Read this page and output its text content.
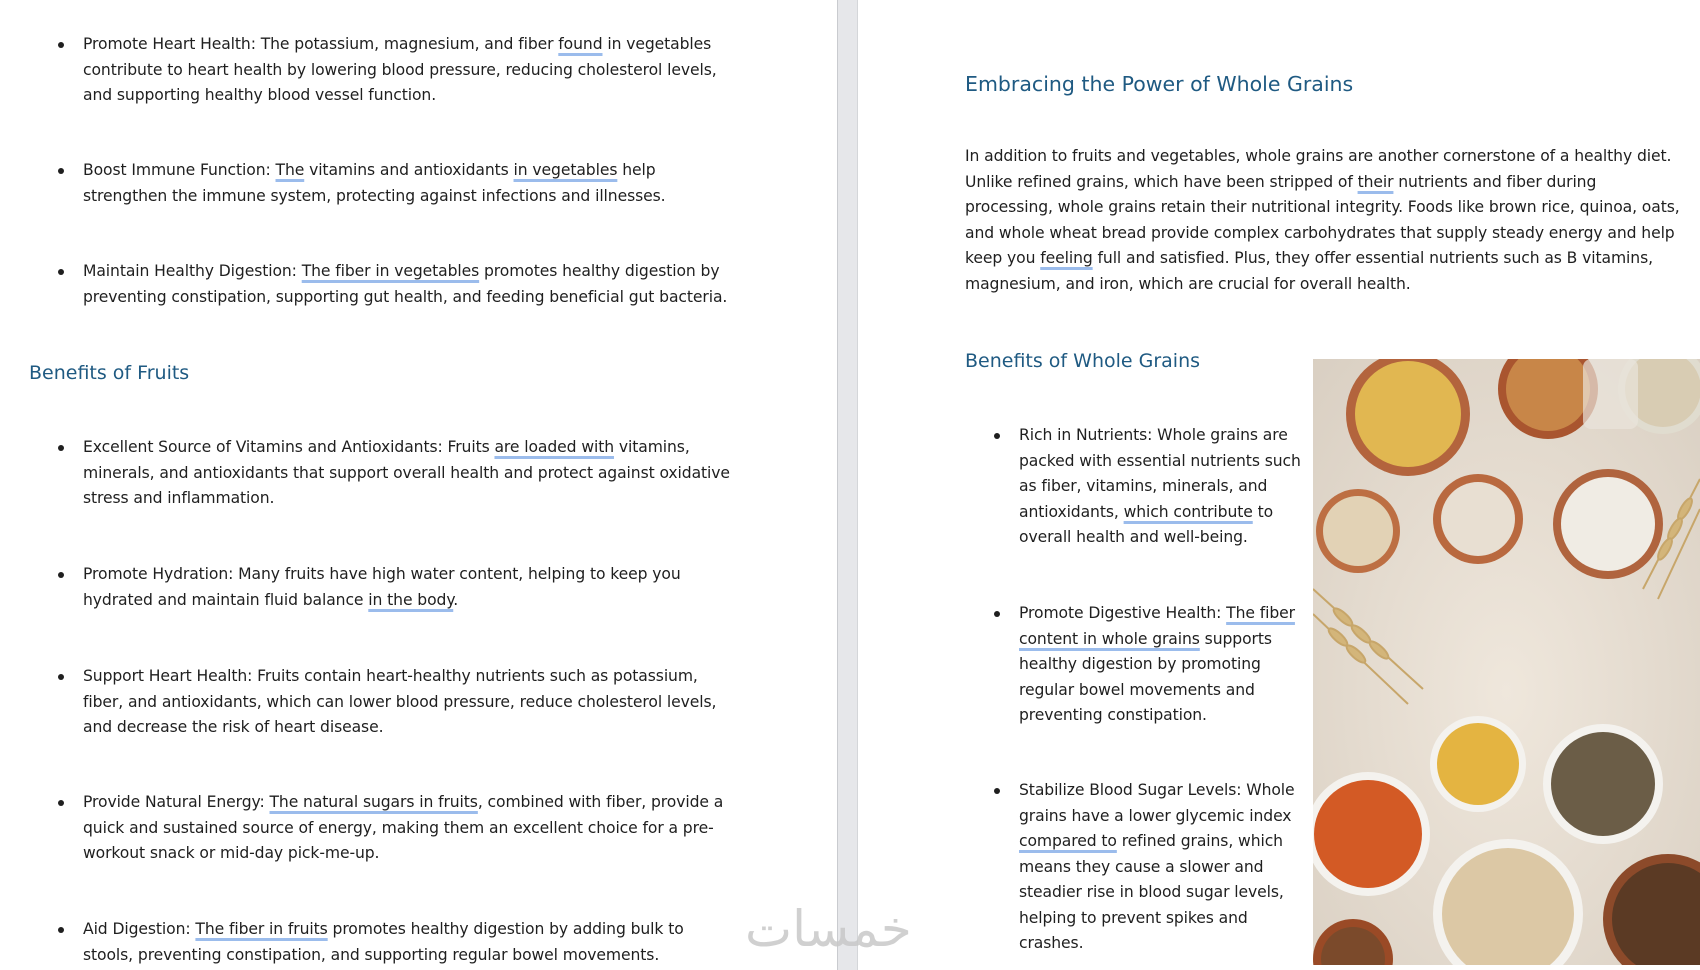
Promote Heart Health: The potassium, magnesium, and fiber found in vegetables contribute to heart health by lowering blood pressure, reducing cholesterol levels, and supporting healthy blood vessel function.
Boost Immune Function: The vitamins and antioxidants in vegetables help strengthen the immune system, protecting against infections and illnesses.
Maintain Healthy Digestion: The fiber in vegetables promotes healthy digestion by preventing constipation, supporting gut health, and feeding beneficial gut bacteria.
Benefits of Fruits
Excellent Source of Vitamins and Antioxidants: Fruits are loaded with vitamins, minerals, and antioxidants that support overall health and protect against oxidative stress and inflammation.
Promote Hydration: Many fruits have high water content, helping to keep you hydrated and maintain fluid balance in the body.
Support Heart Health: Fruits contain heart-healthy nutrients such as potassium, fiber, and antioxidants, which can lower blood pressure, reduce cholesterol levels, and decrease the risk of heart disease.
Provide Natural Energy: The natural sugars in fruits, combined with fiber, provide a quick and sustained source of energy, making them an excellent choice for a pre-workout snack or mid-day pick-me-up.
Aid Digestion: The fiber in fruits promotes healthy digestion by adding bulk to stools, preventing constipation, and supporting regular bowel movements.
Embracing the Power of Whole Grains

In addition to fruits and vegetables, whole grains are another cornerstone of a healthy diet. Unlike refined grains, which have been stripped of their nutrients and fiber during processing, whole grains retain their nutritional integrity. Foods like brown rice, quinoa, oats, and whole wheat bread provide complex carbohydrates that supply steady energy and help keep you feeling full and satisfied. Plus, they offer essential nutrients such as B vitamins, magnesium, and iron, which are crucial for overall health.

Benefits of Whole Grains
Rich in Nutrients: Whole grains are packed with essential nutrients such as fiber, vitamins, minerals, and antioxidants, which contribute to overall health and well-being.
Promote Digestive Health: The fiber content in whole grains supports healthy digestion by promoting regular bowel movements and preventing constipation.
Stabilize Blood Sugar Levels: Whole grains have a lower glycemic index compared to refined grains, which means they cause a slower and steadier rise in blood sugar levels, helping to prevent spikes and crashes.
خمسات
